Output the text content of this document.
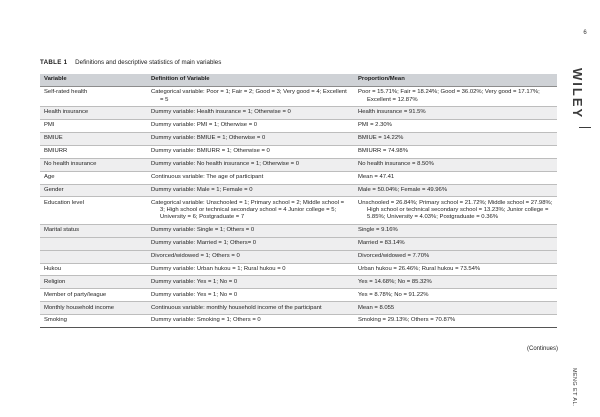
TABLE 1 Definitions and descriptive statistics of main variables
Variable	Definition of Variable	Proportion/Mean
Self-rated health	Categorical variable: Poor = 1; Fair = 2; Good = 3; Very good = 4; Excellent = 5	Poor = 15.71%; Fair = 18.24%; Good = 36.02%; Very good = 17.17%; Excellent = 12.87%

Health insurance	Dummy variable: Health insurance = 1; Otherwise = 0	Health insurance = 91.5%
PMI	Dummy variable: PMI = 1; Otherwise = 0	PMI = 2.30%
BMIUE	Dummy variable: BMIUE = 1; Otherwise = 0	BMIUE = 14.22%
BMIURR	Dummy variable: BMIURR = 1; Otherwise = 0	BMIURR = 74.98%
No health insurance	Dummy variable: No health insurance = 1; Otherwise = 0	No health insurance = 8.50%
Age	Continuous variable: The age of participant	Mean = 47.41
Gender	Dummy variable: Male = 1; Female = 0	Male = 50.04%; Female = 49.96%
Education level	Categorical variable: Unschooled = 1; Primary school = 2; Middle school = 3; High school or technical secondary school = 4 Junior college = 5; University = 6; Postgraduate = 7	Unschooled = 26.84%; Primary school = 21.72%; Middle school = 27.98%; High school or technical secondary school = 13.23%; Junior college = 5.85%; University = 4.03%; Postgraduate = 0.36%

Marital status	Dummy variable: Single = 1; Others = 0	Single = 9.16%
	Dummy variable: Married = 1; Others= 0	Married = 83.14%
	Divorced/widowed = 1; Others = 0	Divorced/widowed = 7.70%
Hukou	Dummy variable: Urban hukou = 1; Rural hukou = 0	Urban hukou = 26.46%; Rural hukou = 73.54%
Religion	Dummy variable: Yes = 1; No = 0	Yes = 14.68%; No = 85.32%
Member of party/league	Dummy variable: Yes = 1; No = 0	Yes = 8.78%; No = 91.22%
Monthly household income	Continuous variable: monthly household income of the participant	Mean = 8.055
Smoking	Dummy variable: Smoking = 1; Others = 0	Smoking = 29.13%; Others = 70.87%
(Continues)
6
WILEY
MENG ET AL.
